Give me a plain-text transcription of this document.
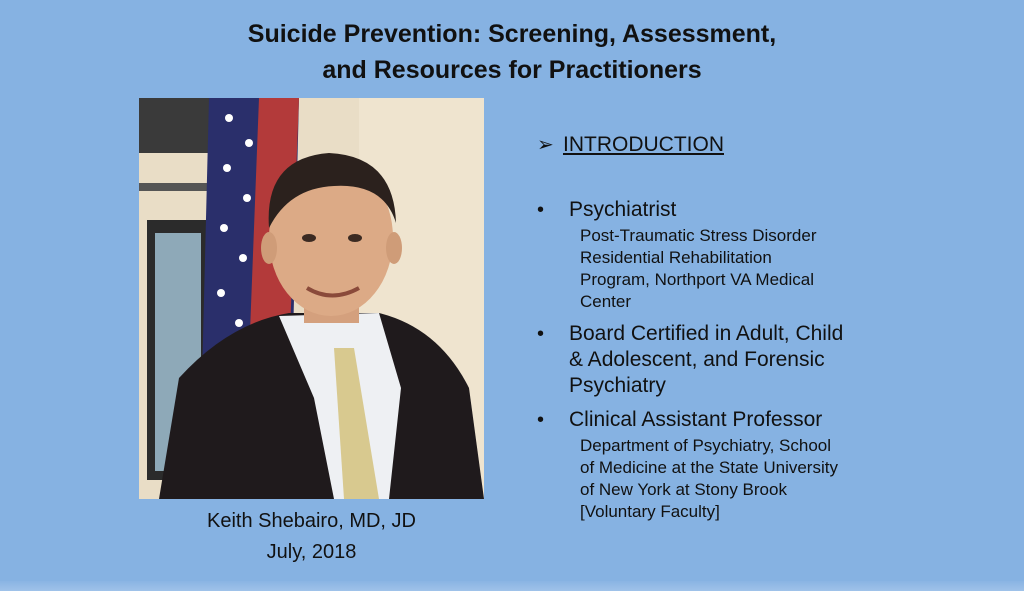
Suicide Prevention: Screening, Assessment,
and Resources for Practitioners
Keith Shebairo, MD, JD
July, 2018
➢ INTRODUCTION
•	Psychiatrist
Post-Traumatic Stress Disorder
Residential Rehabilitation
Program, Northport VA Medical
Center
•	Board Certified in Adult, Child
& Adolescent, and Forensic
Psychiatry
•	Clinical Assistant Professor
Department of Psychiatry, School
of Medicine at the State University
of New York at Stony Brook
[Voluntary Faculty]
